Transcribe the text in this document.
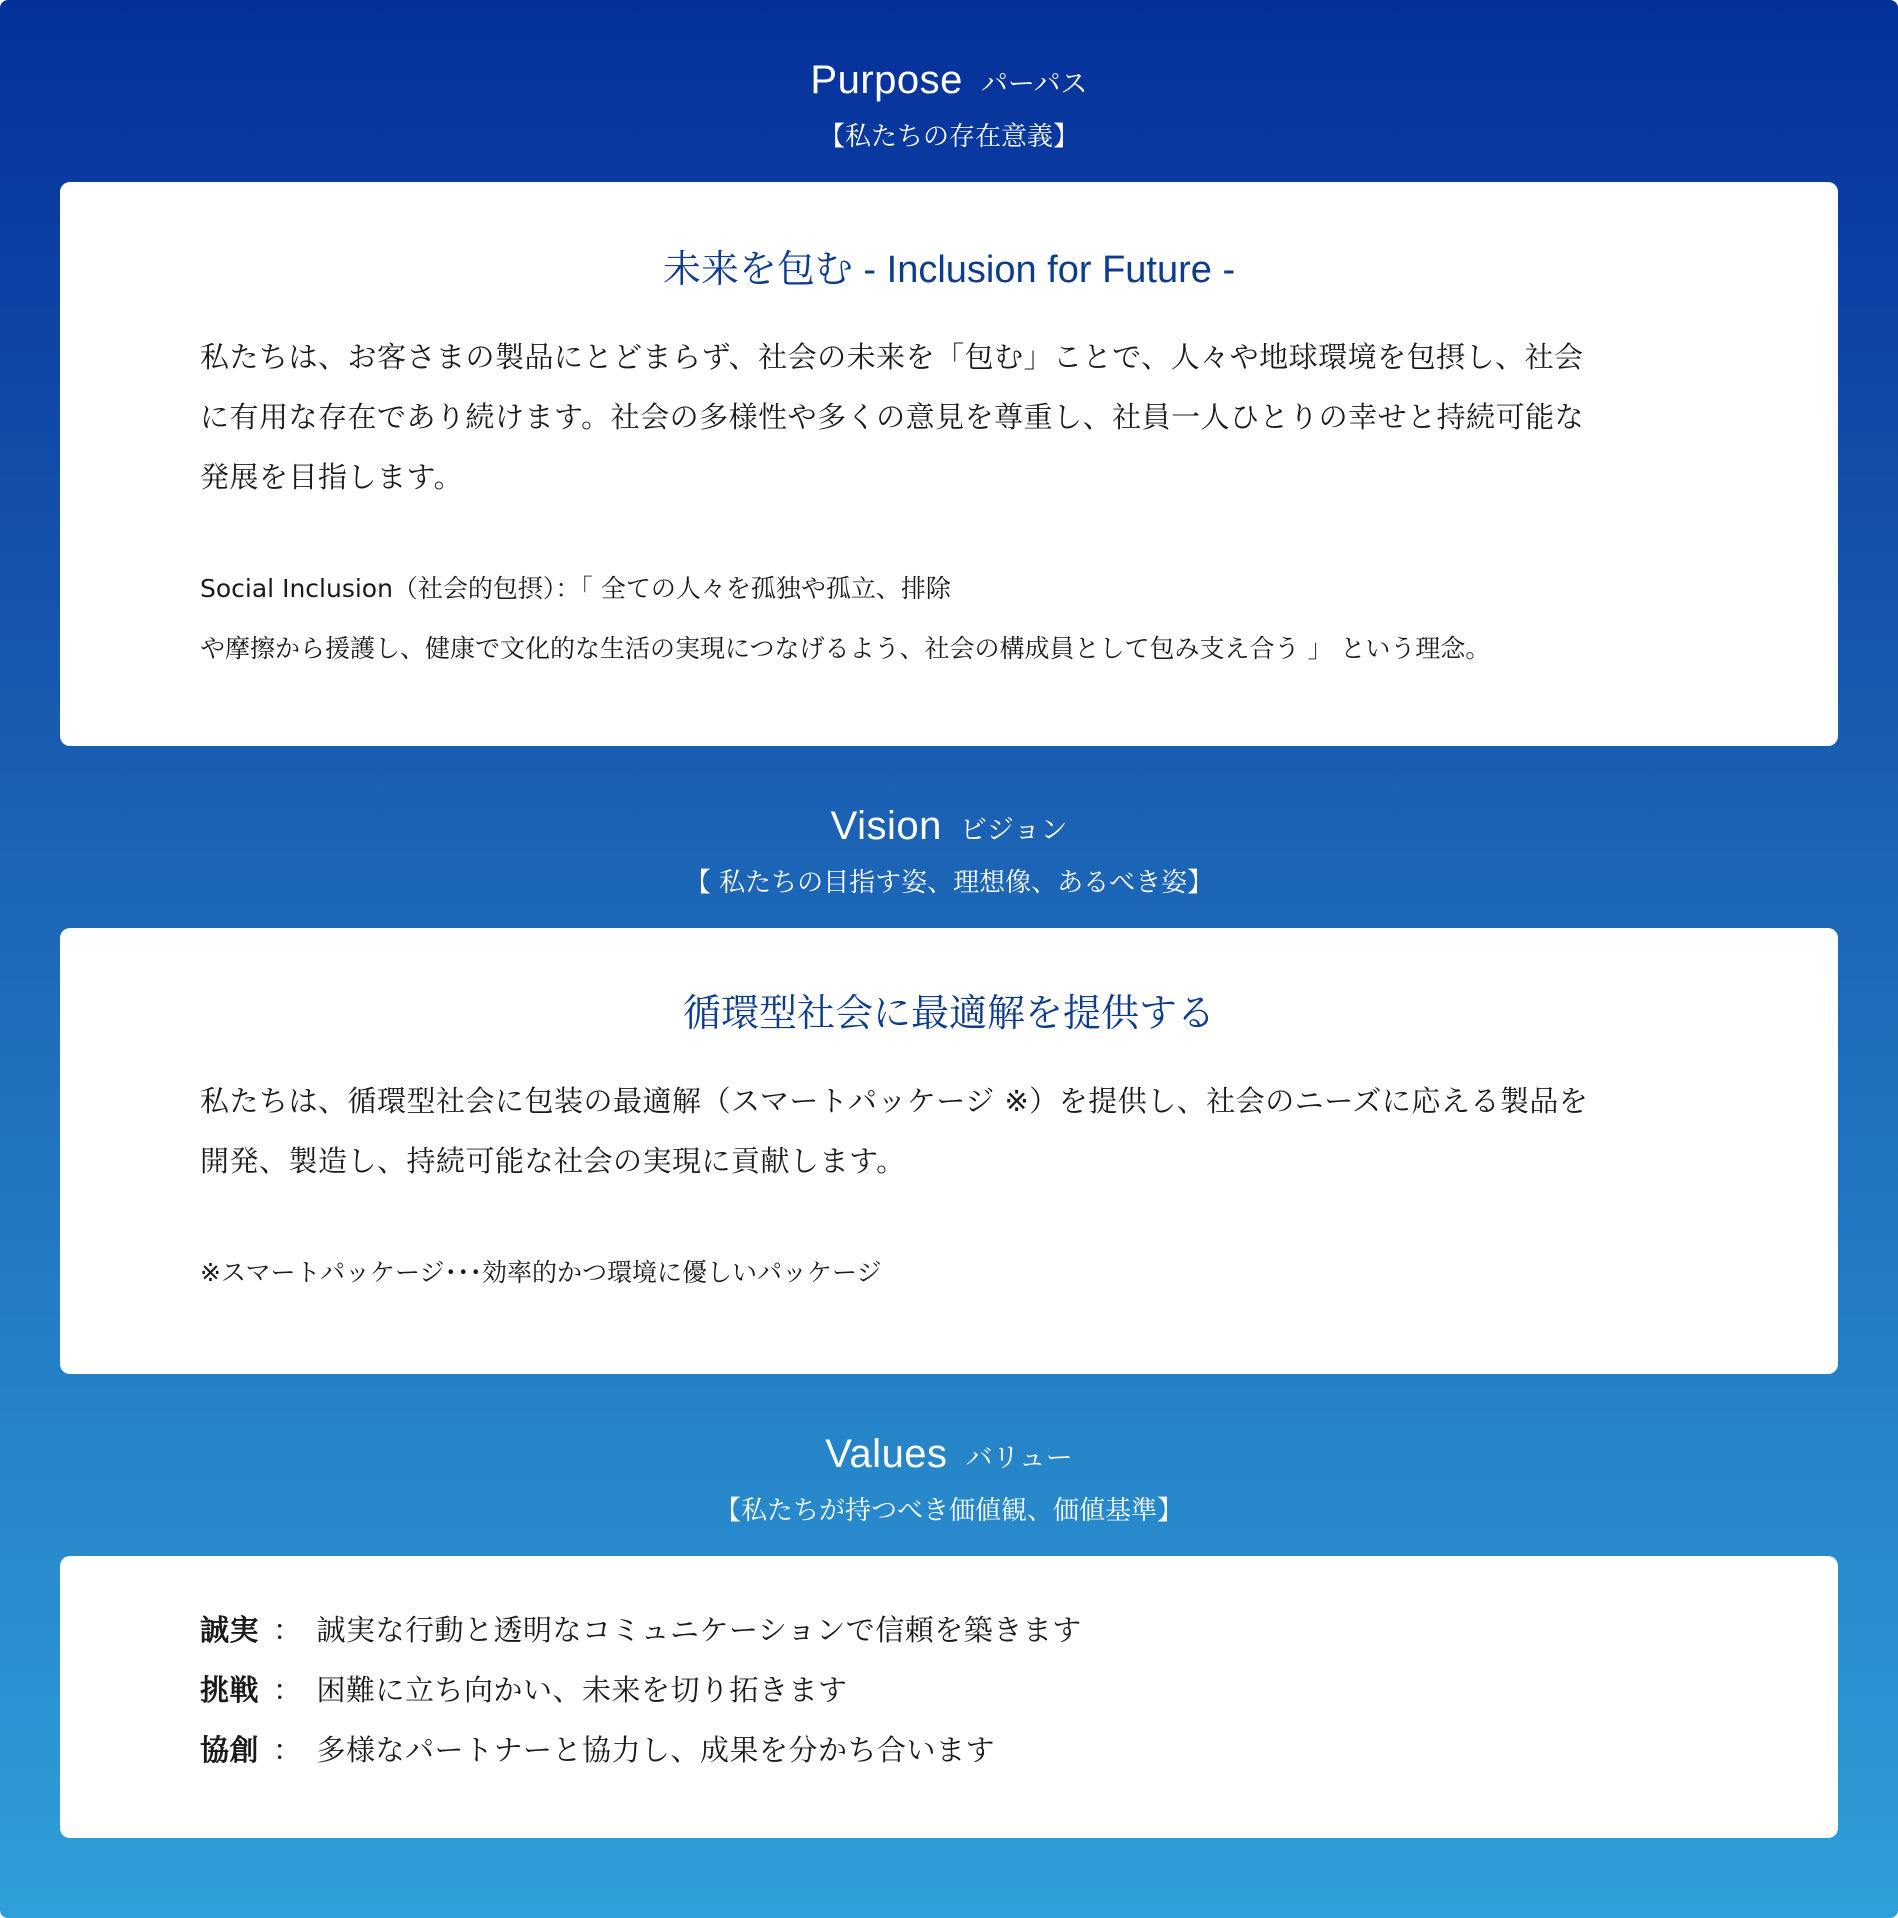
Purpose パーパス
【私たちの存在意義】
未来を包む - Inclusion for Future -
私たちは、お客さまの製品にとどまらず、社会の未来を「包む」ことで、人々や地球環境を包摂し、社会
に有用な存在であり続けます。社会の多様性や多くの意見を尊重し、社員一人ひとりの幸せと持続可能な
発展を目指します。
Social Inclusion（社会的包摂）：「 全ての人々を孤独や孤立、排除
や摩擦から援護し、健康で文化的な生活の実現につなげるよう、社会の構成員として包み支え合う 」 という理念。
Vision ビジョン
【 私たちの目指す姿、理想像、あるべき姿】
循環型社会に最適解を提供する
私たちは、循環型社会に包装の最適解（スマートパッケージ ※）を提供し、社会のニーズに応える製品を
開発、製造し、持続可能な社会の実現に貢献します。
※スマートパッケージ･･･効率的かつ環境に優しいパッケージ
Values バリュー
【私たちが持つべき価値観、価値基準】
誠実 ： 誠実な行動と透明なコミュニケーションで信頼を築きます
挑戦 ： 困難に立ち向かい、未来を切り拓きます
協創 ： 多様なパートナーと協力し、成果を分かち合います
